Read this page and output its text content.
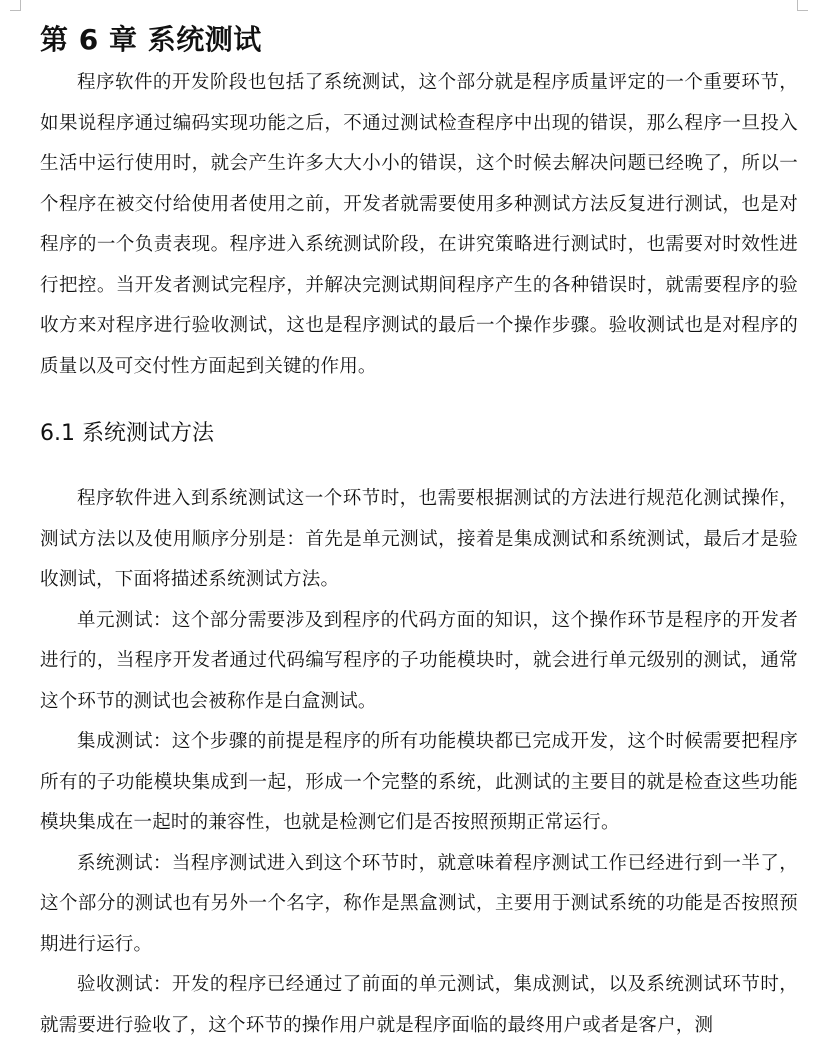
第 6 章 系统测试

程序软件的开发阶段也包括了系统测试，这个部分就是程序质量评定的一个重要环节，如果说程序通过编码实现功能之后，不通过测试检查程序中出现的错误，那么程序一旦投入生活中运行使用时，就会产生许多大大小小的错误，这个时候去解决问题已经晚了，所以一个程序在被交付给使用者使用之前，开发者就需要使用多种测试方法反复进行测试，也是对程序的一个负责表现。程序进入系统测试阶段，在讲究策略进行测试时，也需要对时效性进行把控。当开发者测试完程序，并解决完测试期间程序产生的各种错误时，就需要程序的验收方来对程序进行验收测试，这也是程序测试的最后一个操作步骤。验收测试也是对程序的质量以及可交付性方面起到关键的作用。

6.1 系统测试方法

程序软件进入到系统测试这一个环节时，也需要根据测试的方法进行规范化测试操作，测试方法以及使用顺序分别是：首先是单元测试，接着是集成测试和系统测试，最后才是验收测试，下面将描述系统测试方法。

单元测试：这个部分需要涉及到程序的代码方面的知识，这个操作环节是程序的开发者进行的，当程序开发者通过代码编写程序的子功能模块时，就会进行单元级别的测试，通常这个环节的测试也会被称作是白盒测试。

集成测试：这个步骤的前提是程序的所有功能模块都已完成开发，这个时候需要把程序所有的子功能模块集成到一起，形成一个完整的系统，此测试的主要目的就是检查这些功能模块集成在一起时的兼容性，也就是检测它们是否按照预期正常运行。

系统测试：当程序测试进入到这个环节时，就意味着程序测试工作已经进行到一半了，这个部分的测试也有另外一个名字，称作是黑盒测试，主要用于测试系统的功能是否按照预期进行运行。

验收测试：开发的程序已经通过了前面的单元测试，集成测试，以及系统测试环节时，就需要进行验收了，这个环节的操作用户就是程序面临的最终用户或者是客户，测
